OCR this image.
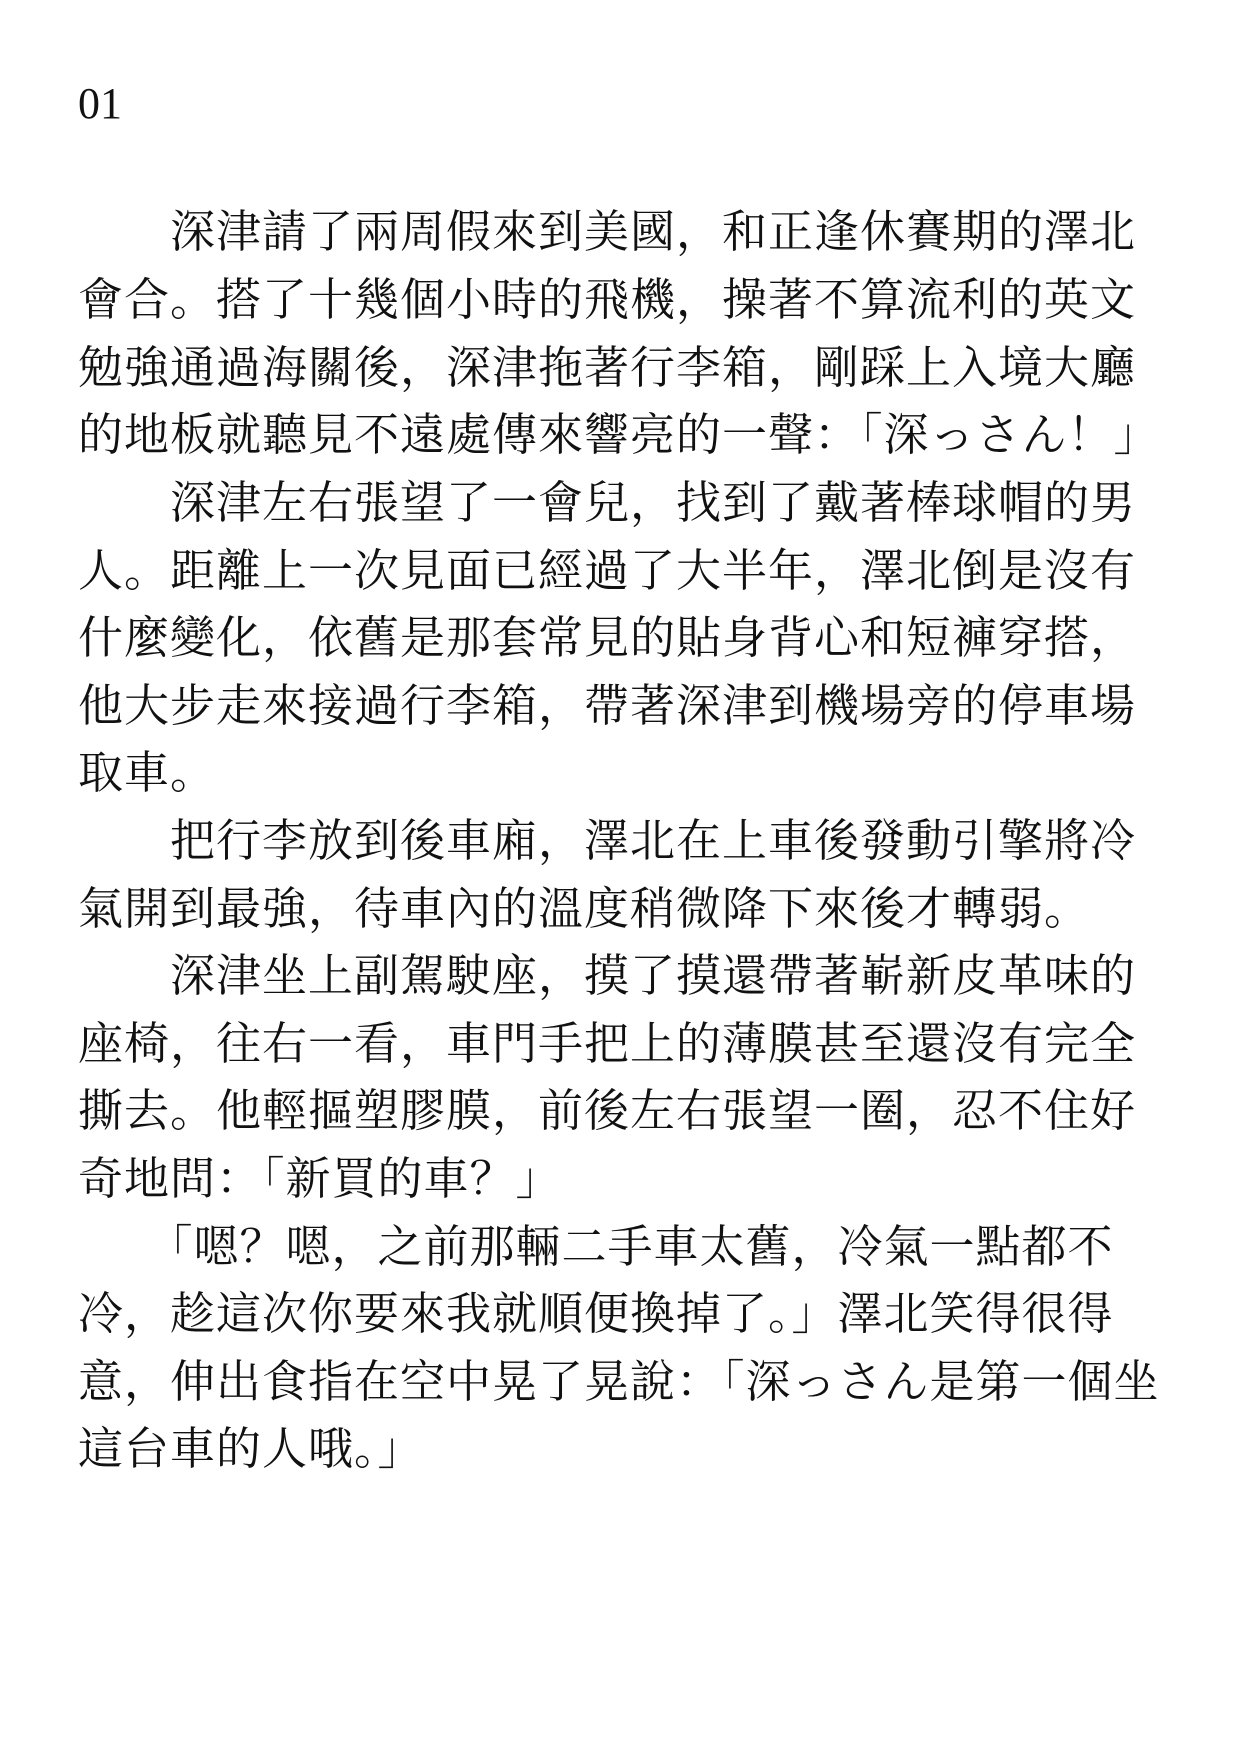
01

　　深津請了兩周假來到美國，和正逢休賽期的澤北

會合。搭了十幾個小時的飛機，操著不算流利的英文

勉強通過海關後，深津拖著行李箱，剛踩上入境大廳

的地板就聽見不遠處傳來響亮的一聲：「深っさん！」

　　深津左右張望了一會兒，找到了戴著棒球帽的男

人。距離上一次見面已經過了大半年，澤北倒是沒有

什麼變化，依舊是那套常見的貼身背心和短褲穿搭，

他大步走來接過行李箱，帶著深津到機場旁的停車場

取車。

　　把行李放到後車廂，澤北在上車後發動引擎將冷

氣開到最強，待車內的溫度稍微降下來後才轉弱。

　　深津坐上副駕駛座，摸了摸還帶著嶄新皮革味的

座椅，往右一看，車門手把上的薄膜甚至還沒有完全

撕去。他輕摳塑膠膜，前後左右張望一圈，忍不住好

奇地問：「新買的車？」

　　「嗯？嗯，之前那輛二手車太舊，冷氣一點都不

冷，趁這次你要來我就順便換掉了。」澤北笑得很得

意，伸出食指在空中晃了晃說：「深っさん是第一個坐

這台車的人哦。」
